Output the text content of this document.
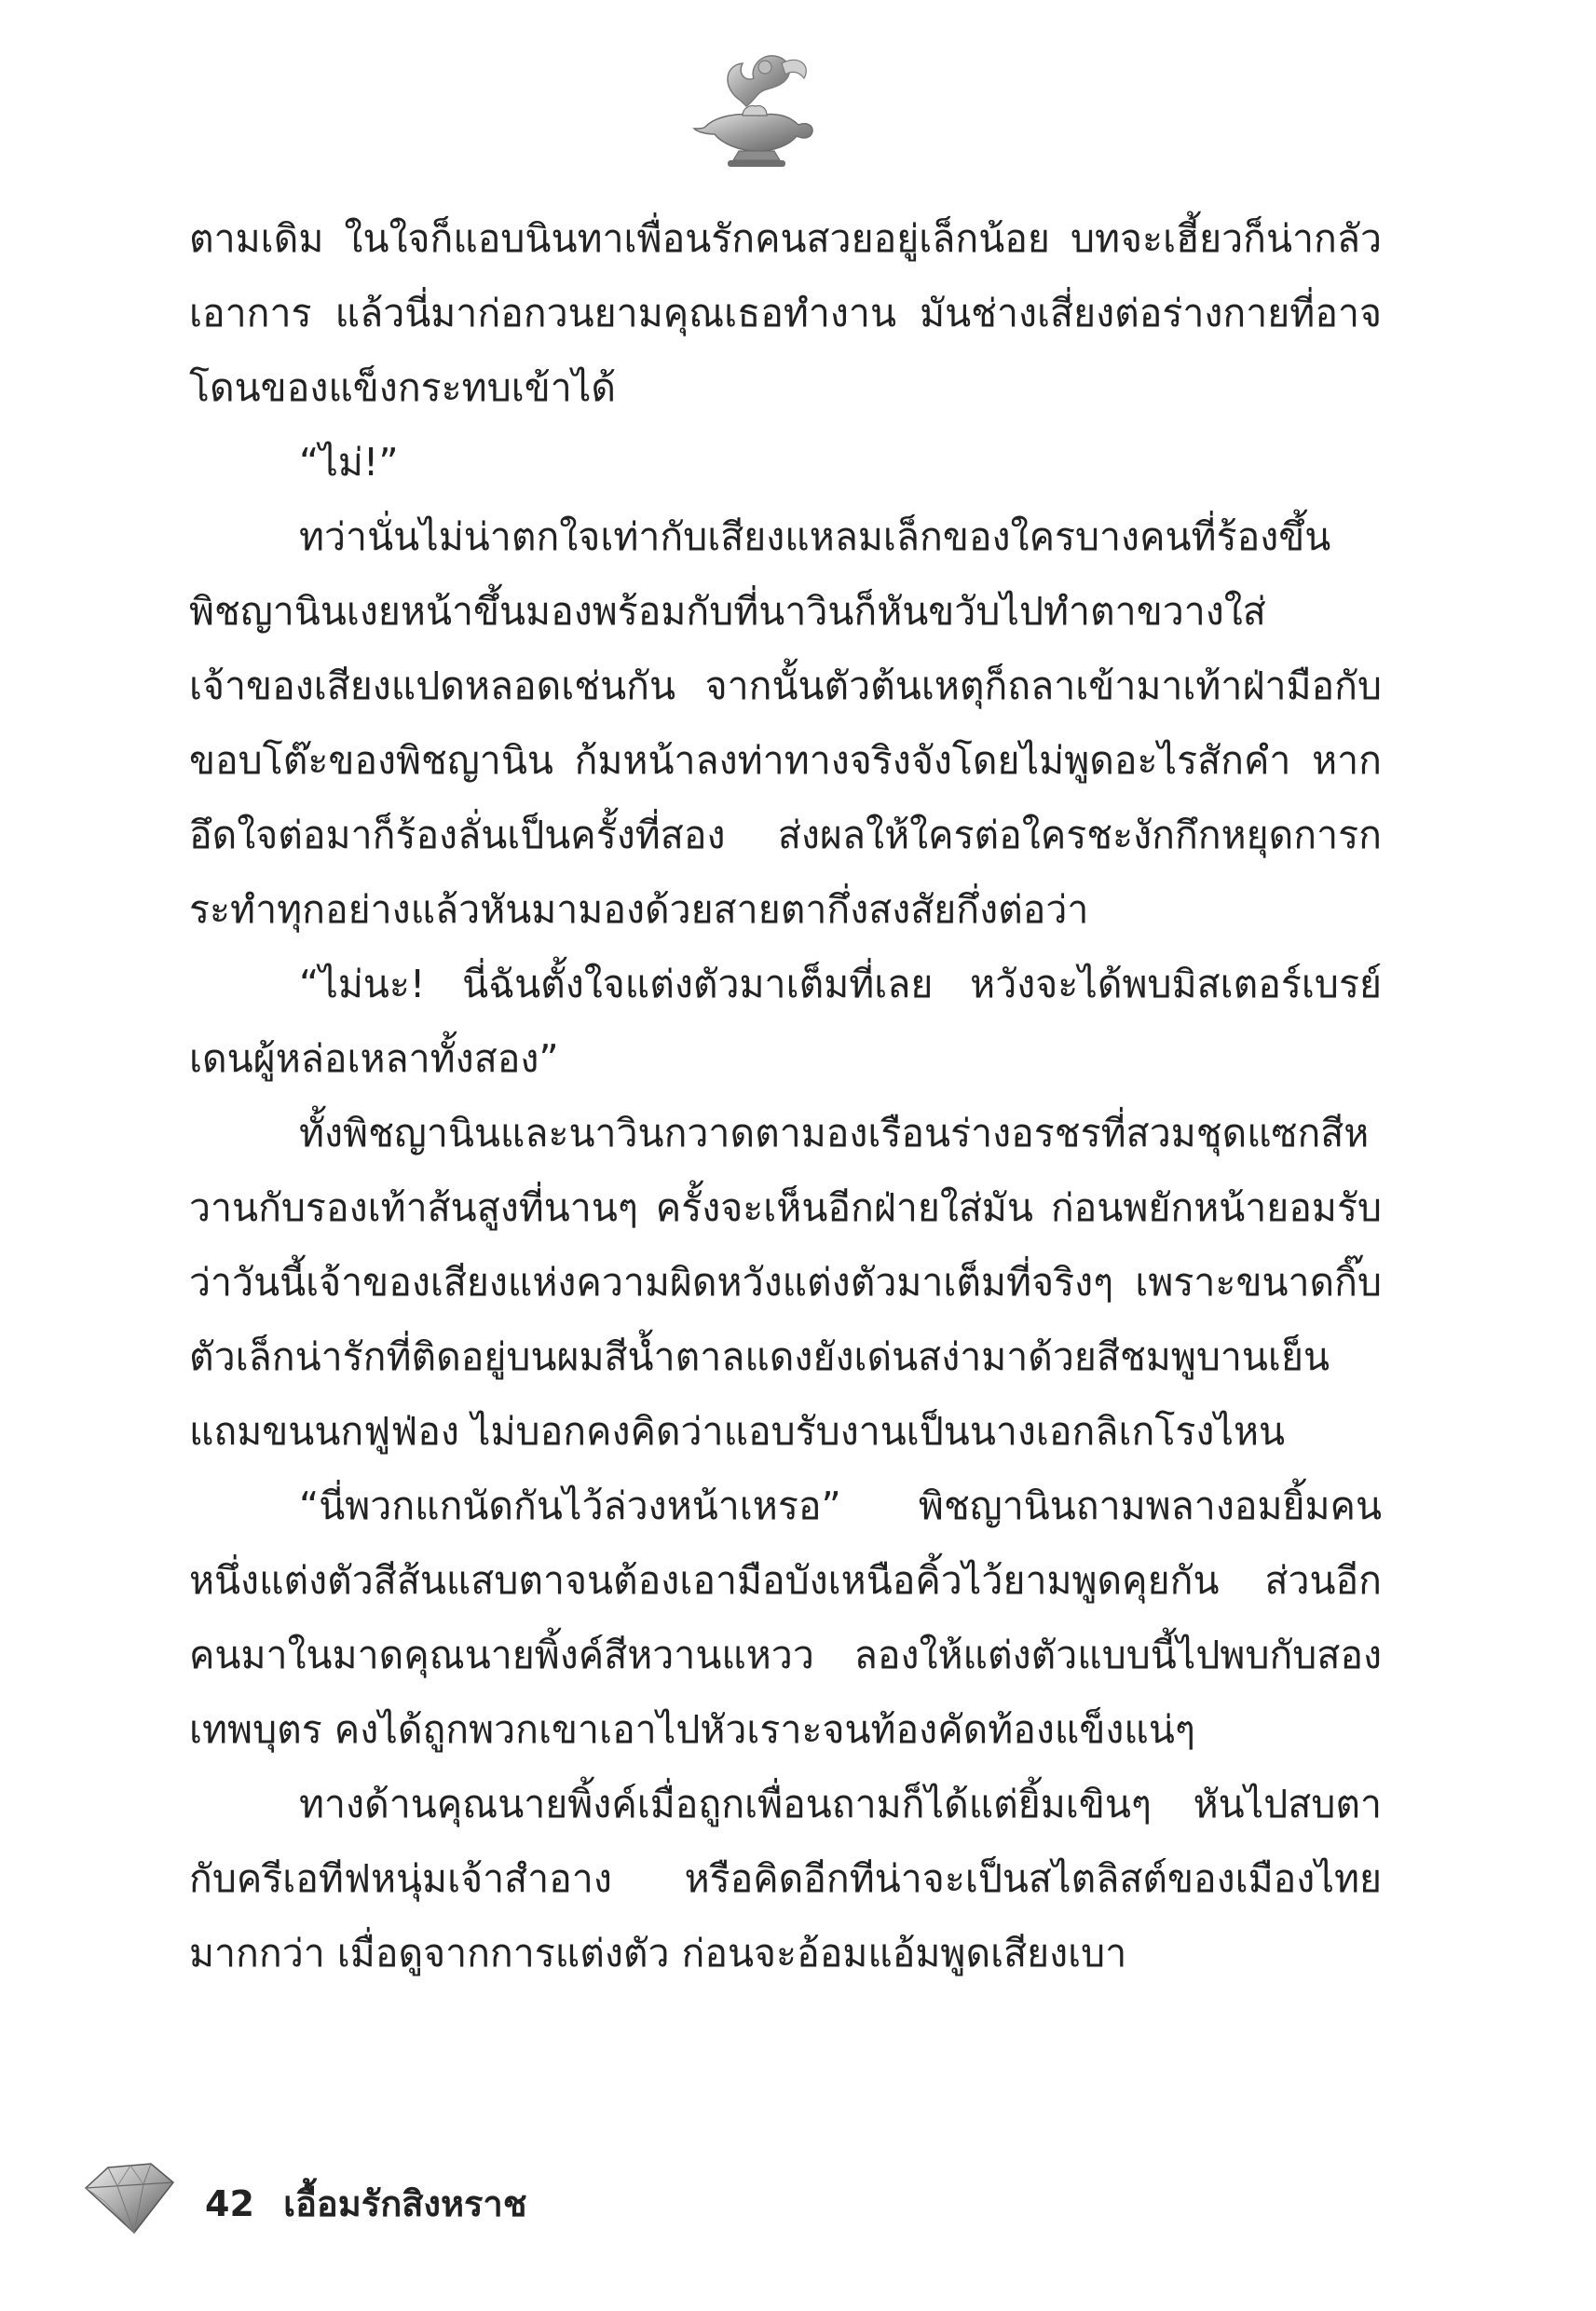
ตามเดิม ในใจก็แอบนินทาเพื่อนรักคนสวยอยู่เล็กน้อย บทจะเฮี้ยวก็น่ากลัวเอาการ แล้วนี่มาก่อกวนยามคุณเธอทำงาน มันช่างเสี่ยงต่อร่างกายที่อาจโดนของแข็งกระทบเข้าได้

“ไม่!”

ทว่านั่นไม่น่าตกใจเท่ากับเสียงแหลมเล็กของใครบางคนที่ร้องขึ้น พิชญานินเงยหน้าขึ้นมองพร้อมกับที่นาวินก็หันขวับไปทำตาขวางใส่เจ้าของเสียงแปดหลอดเช่นกัน จากนั้นตัวต้นเหตุก็ถลาเข้ามาเท้าฝ่ามือกับขอบโต๊ะของพิชญานิน ก้มหน้าลงท่าทางจริงจังโดยไม่พูดอะไรสักคำ หากอึดใจต่อมาก็ร้องลั่นเป็นครั้งที่สอง ส่งผลให้ใครต่อใครชะงักกึกหยุดการกระทำทุกอย่างแล้วหันมามองด้วยสายตากึ่งสงสัยกึ่งต่อว่า

“ไม่นะ! นี่ฉันตั้งใจแต่งตัวมาเต็มที่เลย หวังจะได้พบมิสเตอร์เบรย์เดนผู้หล่อเหลาทั้งสอง”

ทั้งพิชญานินและนาวินกวาดตามองเรือนร่างอรชรที่สวมชุดแซกสีหวานกับรองเท้าส้นสูงที่นานๆ ครั้งจะเห็นอีกฝ่ายใส่มัน ก่อนพยักหน้ายอมรับว่าวันนี้เจ้าของเสียงแห่งความผิดหวังแต่งตัวมาเต็มที่จริงๆ เพราะขนาดกิ๊บตัวเล็กน่ารักที่ติดอยู่บนผมสีน้ำตาลแดงยังเด่นสง่ามาด้วยสีชมพูบานเย็นแถมขนนกฟูฟ่อง ไม่บอกคงคิดว่าแอบรับงานเป็นนางเอกลิเกโรงไหน

“นี่พวกแกนัดกันไว้ล่วงหน้าเหรอ” พิชญานินถามพลางอมยิ้มคนหนึ่งแต่งตัวสีส้นแสบตาจนต้องเอามือบังเหนือคิ้วไว้ยามพูดคุยกัน ส่วนอีกคนมาในมาดคุณนายพิ้งค์สีหวานแหวว ลองให้แต่งตัวแบบนี้ไปพบกับสองเทพบุตร คงได้ถูกพวกเขาเอาไปหัวเราะจนท้องคัดท้องแข็งแน่ๆ

ทางด้านคุณนายพิ้งค์เมื่อถูกเพื่อนถามก็ได้แต่ยิ้มเขินๆ หันไปสบตากับครีเอทีฟหนุ่มเจ้าสำอาง หรือคิดอีกทีน่าจะเป็นสไตลิสต์ของเมืองไทยมากกว่า เมื่อดูจากการแต่งตัว ก่อนจะอ้อมแอ้มพูดเสียงเบา

42 เอื้อมรักสิงหราช
